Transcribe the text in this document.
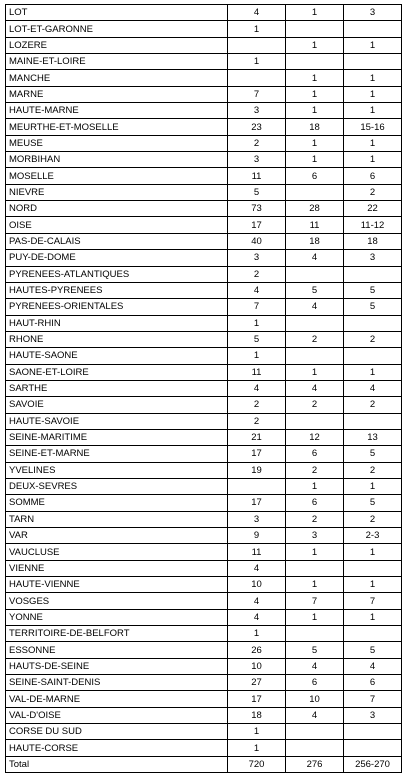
LOT	4	1	3
LOT-ET-GARONNE	1		
LOZERE		1	1
MAINE-ET-LOIRE	1		
MANCHE		1	1
MARNE	7	1	1
HAUTE-MARNE	3	1	1
MEURTHE-ET-MOSELLE	23	18	15-16
MEUSE	2	1	1
MORBIHAN	3	1	1
MOSELLE	11	6	6
NIEVRE	5		2
NORD	73	28	22
OISE	17	11	11-12
PAS-DE-CALAIS	40	18	18
PUY-DE-DOME	3	4	3
PYRENEES-ATLANTIQUES	2		
HAUTES-PYRENEES	4	5	5
PYRENEES-ORIENTALES	7	4	5
HAUT-RHIN	1		
RHONE	5	2	2
HAUTE-SAONE	1		
SAONE-ET-LOIRE	11	1	1
SARTHE	4	4	4
SAVOIE	2	2	2
HAUTE-SAVOIE	2		
SEINE-MARITIME	21	12	13
SEINE-ET-MARNE	17	6	5
YVELINES	19	2	2
DEUX-SEVRES		1	1
SOMME	17	6	5
TARN	3	2	2
VAR	9	3	2-3
VAUCLUSE	11	1	1
VIENNE	4		
HAUTE-VIENNE	10	1	1
VOSGES	4	7	7
YONNE	4	1	1
TERRITOIRE-DE-BELFORT	1		
ESSONNE	26	5	5
HAUTS-DE-SEINE	10	4	4
SEINE-SAINT-DENIS	27	6	6
VAL-DE-MARNE	17	10	7
VAL-D'OISE	18	4	3
CORSE DU SUD	1		
HAUTE-CORSE	1		
Total	720	276	256-270
